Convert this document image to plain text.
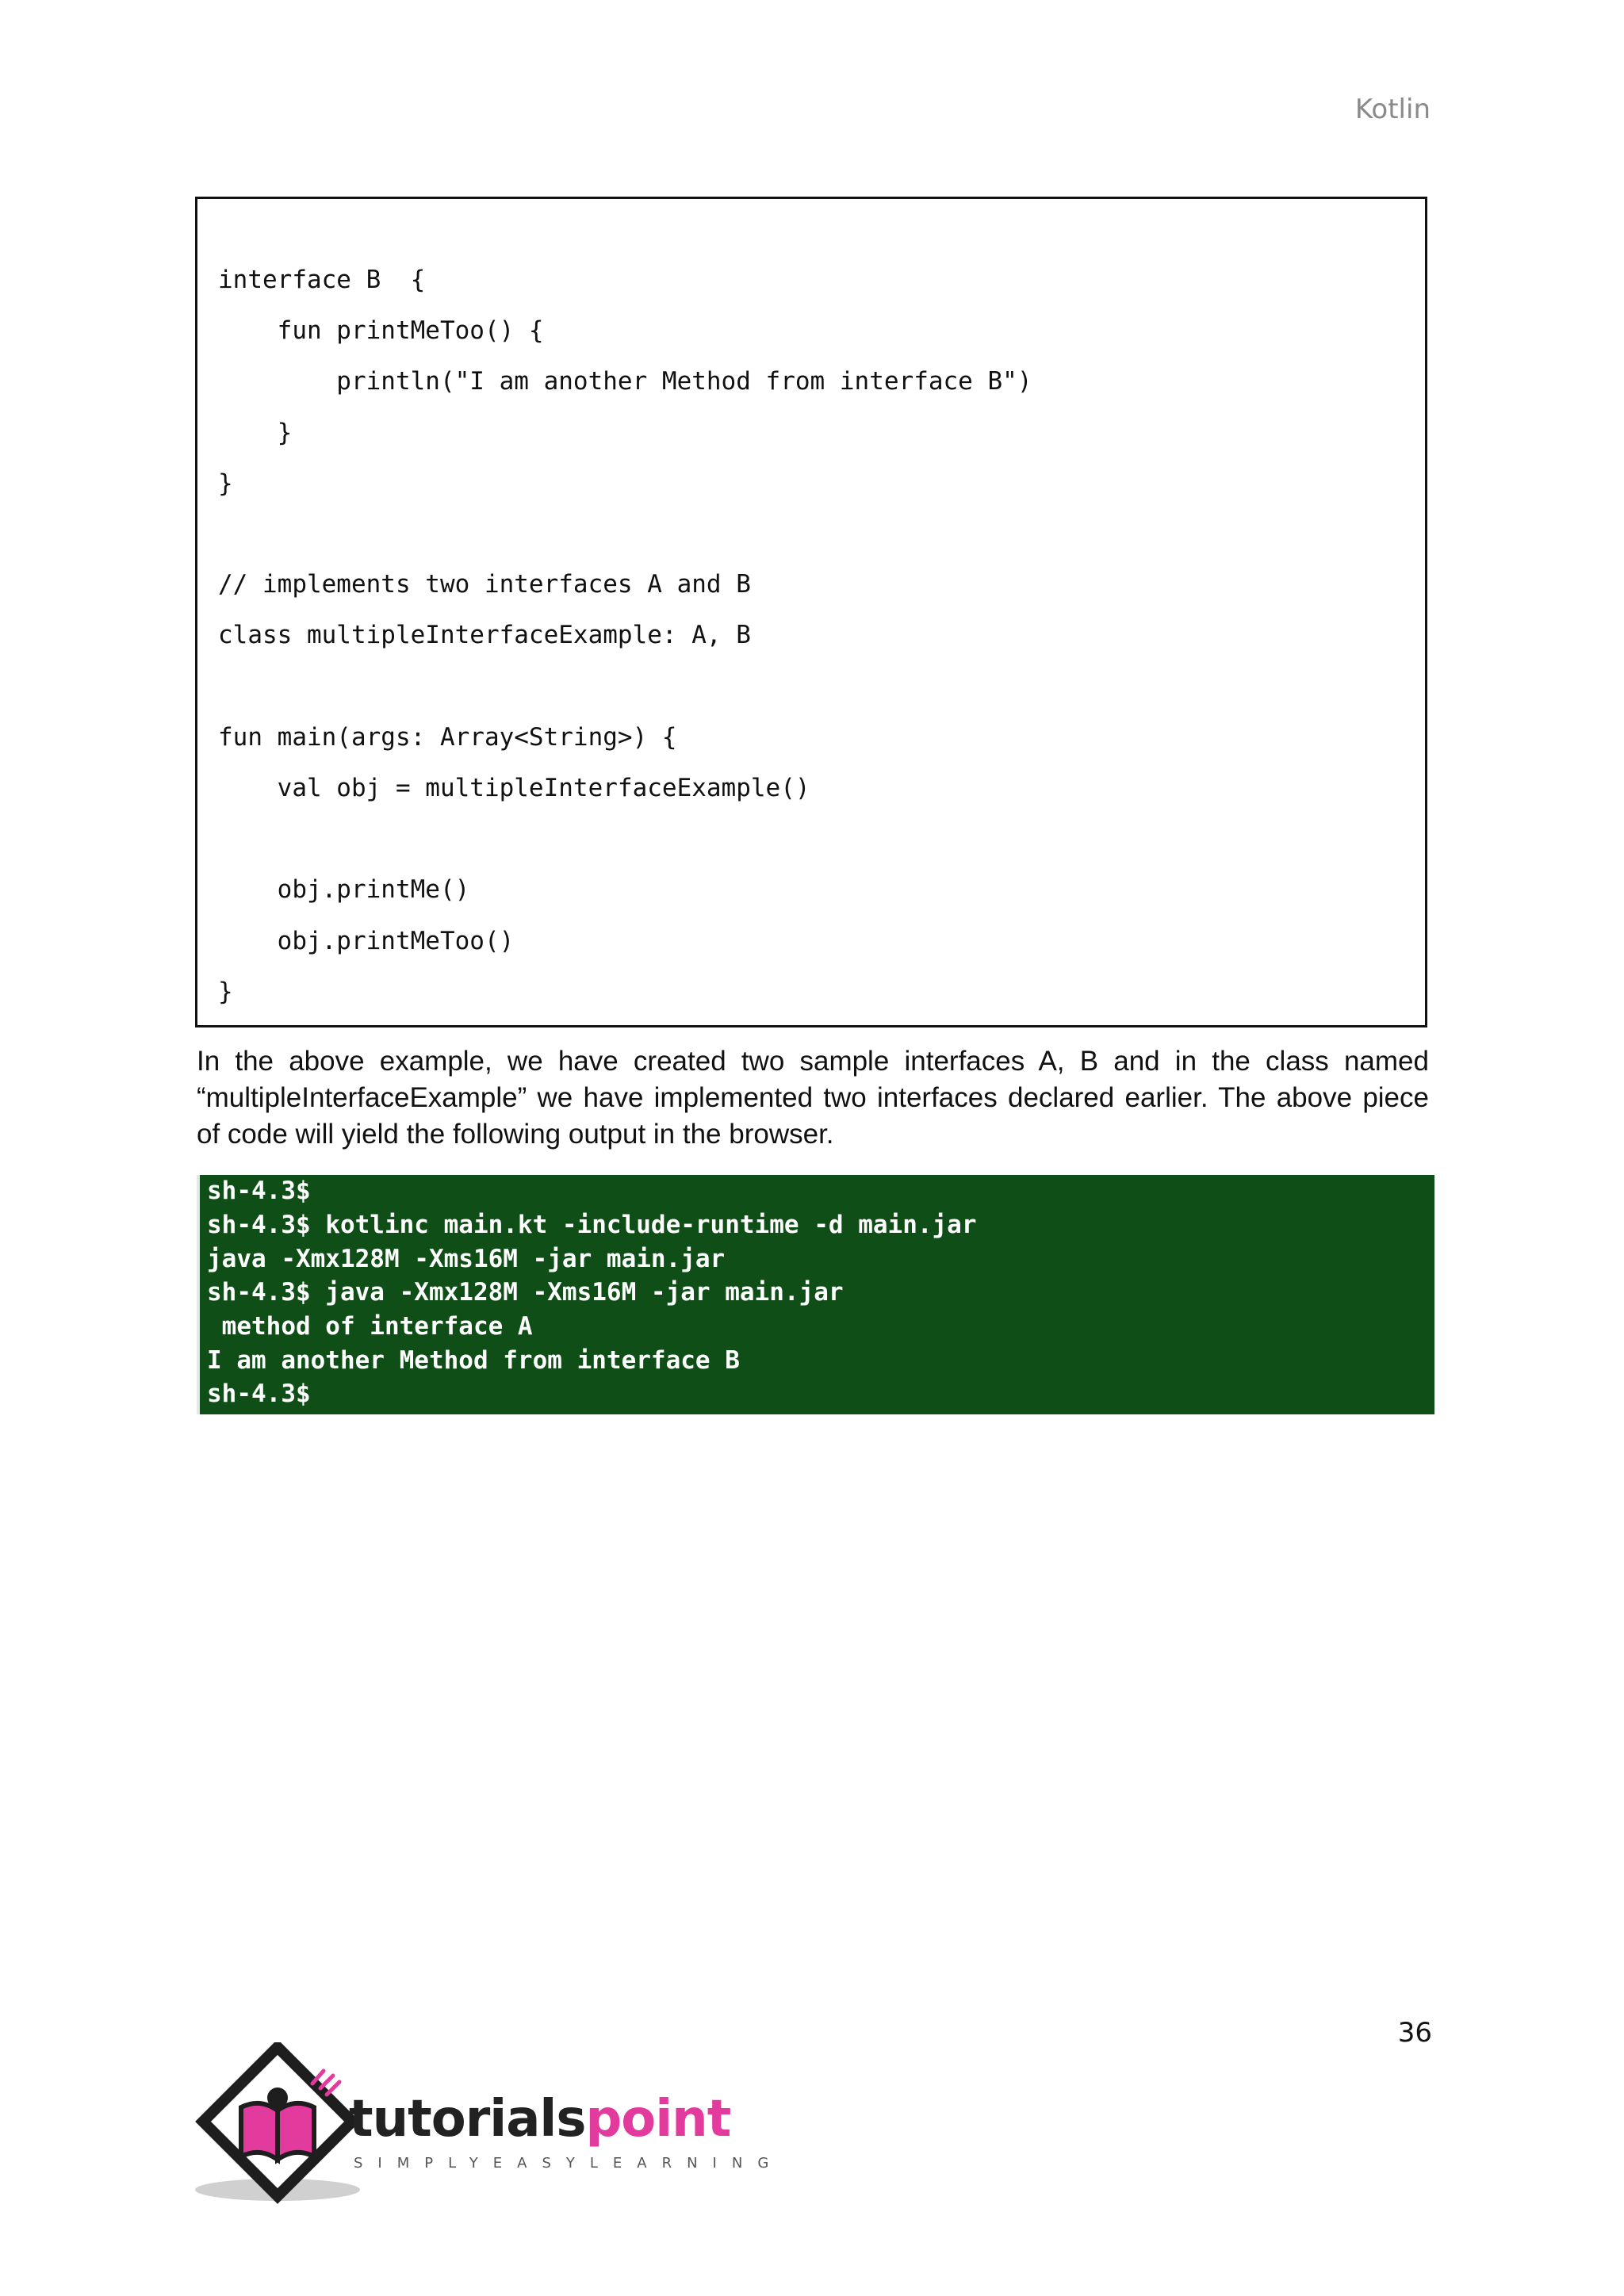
Kotlin
interface B  {
fun printMeToo() {
println("I am another Method from interface B")
}
}
// implements two interfaces A and B
class multipleInterfaceExample: A, B
fun main(args: Array<String>) {
val obj = multipleInterfaceExample()
obj.printMe()
obj.printMeToo()
}

In the above example, we have created two sample interfaces A, B and in the class named “multipleInterfaceExample” we have implemented two interfaces declared earlier. The above piece of code will yield the following output in the browser.

sh-4.3$
sh-4.3$ kotlinc main.kt -include-runtime -d main.jar
java -Xmx128M -Xms16M -jar main.jar
sh-4.3$ java -Xmx128M -Xms16M -jar main.jar
method of interface A
I am another Method from interface B
sh-4.3$
36
tutorialspoint
SIMPLYEASYLEARNING
